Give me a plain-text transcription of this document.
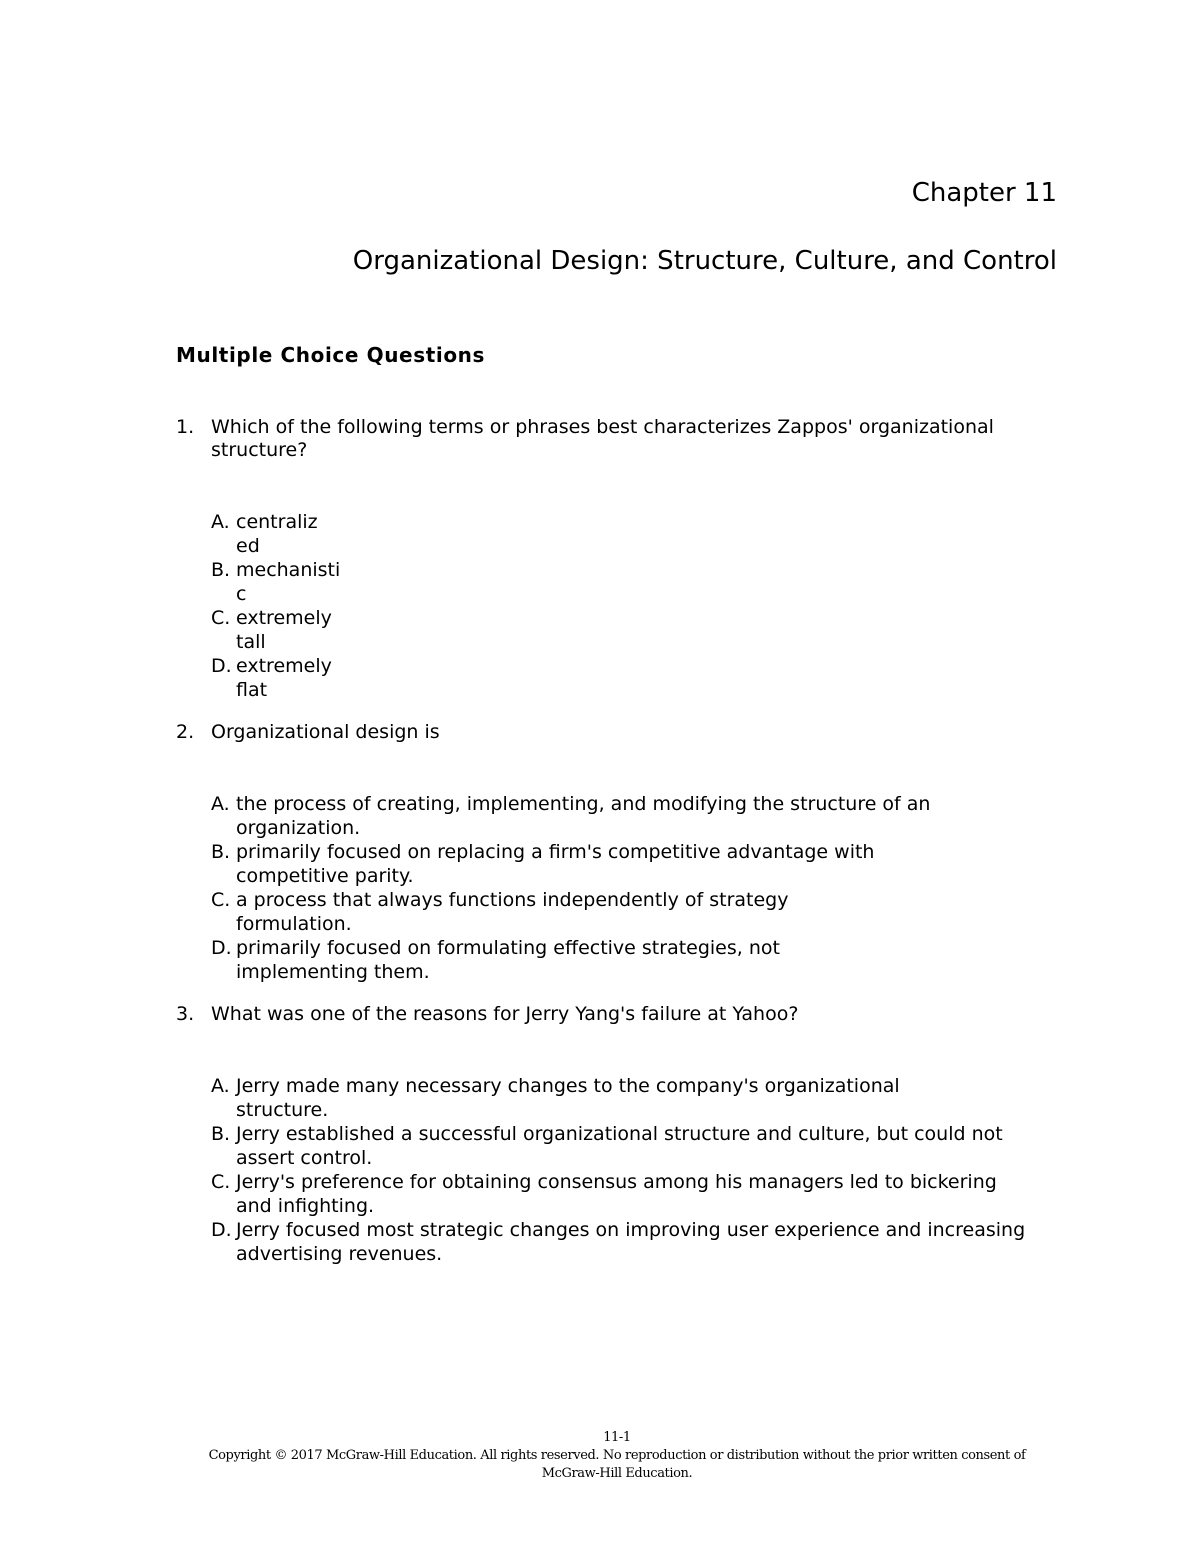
Chapter 11
Organizational Design: Structure, Culture, and Control
Multiple Choice Questions
1. Which of the following terms or phrases best characterizes Zappos' organizational structure?
A. centralized
B. mechanistic
C. extremely tall
D. extremely flat
2. Organizational design is
A. the process of creating, implementing, and modifying the structure of an organization.
B. primarily focused on replacing a firm's competitive advantage with competitive parity.
C. a process that always functions independently of strategy formulation.
D. primarily focused on formulating effective strategies, not implementing them.
3. What was one of the reasons for Jerry Yang's failure at Yahoo?
A. Jerry made many necessary changes to the company's organizational structure.
B. Jerry established a successful organizational structure and culture, but could not assert control.
C. Jerry's preference for obtaining consensus among his managers led to bickering and infighting.
D. Jerry focused most strategic changes on improving user experience and increasing advertising revenues.
11-1
Copyright © 2017 McGraw-Hill Education. All rights reserved. No reproduction or distribution without the prior written consent of McGraw-Hill Education.
